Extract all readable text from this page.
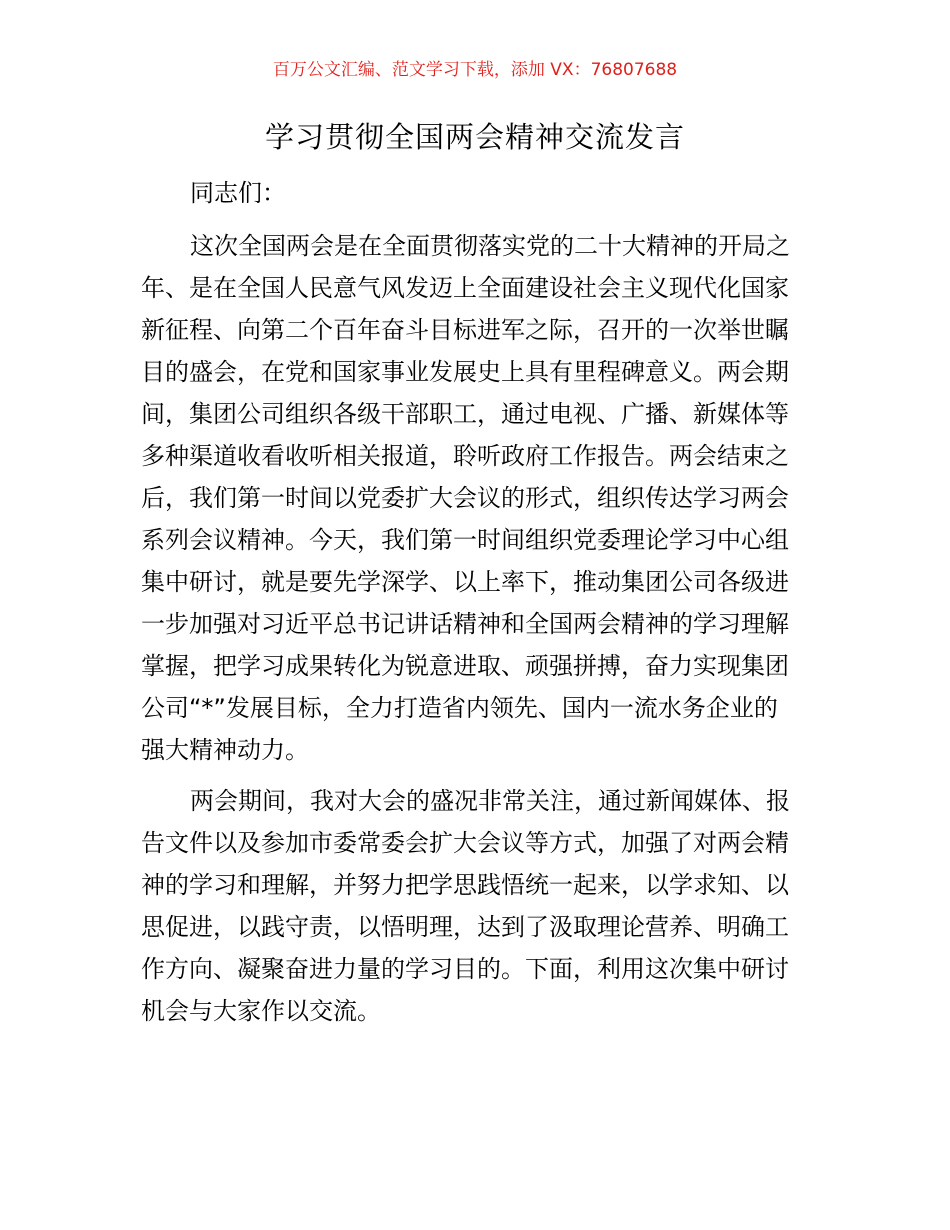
百万公文汇编、范文学习下载，添加 VX：76807688
学习贯彻全国两会精神交流发言
同志们：

这次全国两会是在全面贯彻落实党的二十大精神的开局之
年、是在全国人民意气风发迈上全面建设社会主义现代化国家
新征程、向第二个百年奋斗目标进军之际，召开的一次举世瞩
目的盛会，在党和国家事业发展史上具有里程碑意义。两会期
间，集团公司组织各级干部职工，通过电视、广播、新媒体等
多种渠道收看收听相关报道，聆听政府工作报告。两会结束之
后，我们第一时间以党委扩大会议的形式，组织传达学习两会
系列会议精神。今天，我们第一时间组织党委理论学习中心组
集中研讨，就是要先学深学、以上率下，推动集团公司各级进
一步加强对习近平总书记讲话精神和全国两会精神的学习理解
掌握，把学习成果转化为锐意进取、顽强拼搏，奋力实现集团
公司“*”发展目标，全力打造省内领先、国内一流水务企业的
强大精神动力。

两会期间，我对大会的盛况非常关注，通过新闻媒体、报
告文件以及参加市委常委会扩大会议等方式，加强了对两会精
神的学习和理解，并努力把学思践悟统一起来，以学求知、以
思促进，以践守责，以悟明理，达到了汲取理论营养、明确工
作方向、凝聚奋进力量的学习目的。下面，利用这次集中研讨
机会与大家作以交流。
